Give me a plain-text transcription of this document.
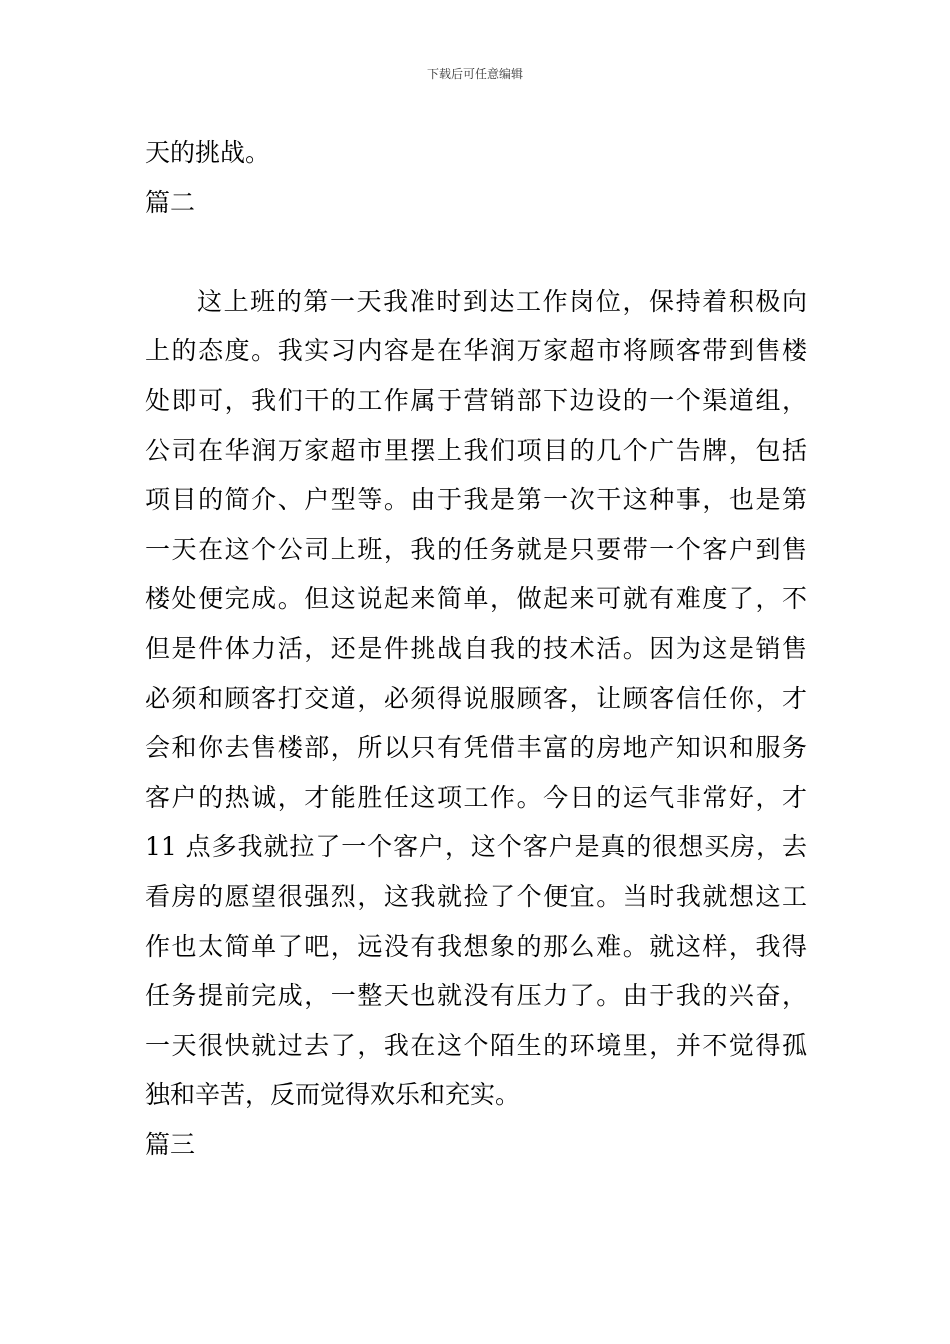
下载后可任意编辑
天的挑战。
篇二
这上班的第一天我准时到达工作岗位，保持着积极向
上的态度。我实习内容是在华润万家超市将顾客带到售楼
处即可，我们干的工作属于营销部下边设的一个渠道组，
公司在华润万家超市里摆上我们项目的几个广告牌，包括
项目的简介、户型等。由于我是第一次干这种事，也是第
一天在这个公司上班，我的任务就是只要带一个客户到售
楼处便完成。但这说起来简单，做起来可就有难度了，不
但是件体力活，还是件挑战自我的技术活。因为这是销售
必须和顾客打交道，必须得说服顾客，让顾客信任你，才
会和你去售楼部，所以只有凭借丰富的房地产知识和服务
客户的热诚，才能胜任这项工作。今日的运气非常好，才
11 点多我就拉了一个客户，这个客户是真的很想买房，去
看房的愿望很强烈，这我就捡了个便宜。当时我就想这工
作也太简单了吧，远没有我想象的那么难。就这样，我得
任务提前完成，一整天也就没有压力了。由于我的兴奋，
一天很快就过去了，我在这个陌生的环境里，并不觉得孤
独和辛苦，反而觉得欢乐和充实。
篇三
